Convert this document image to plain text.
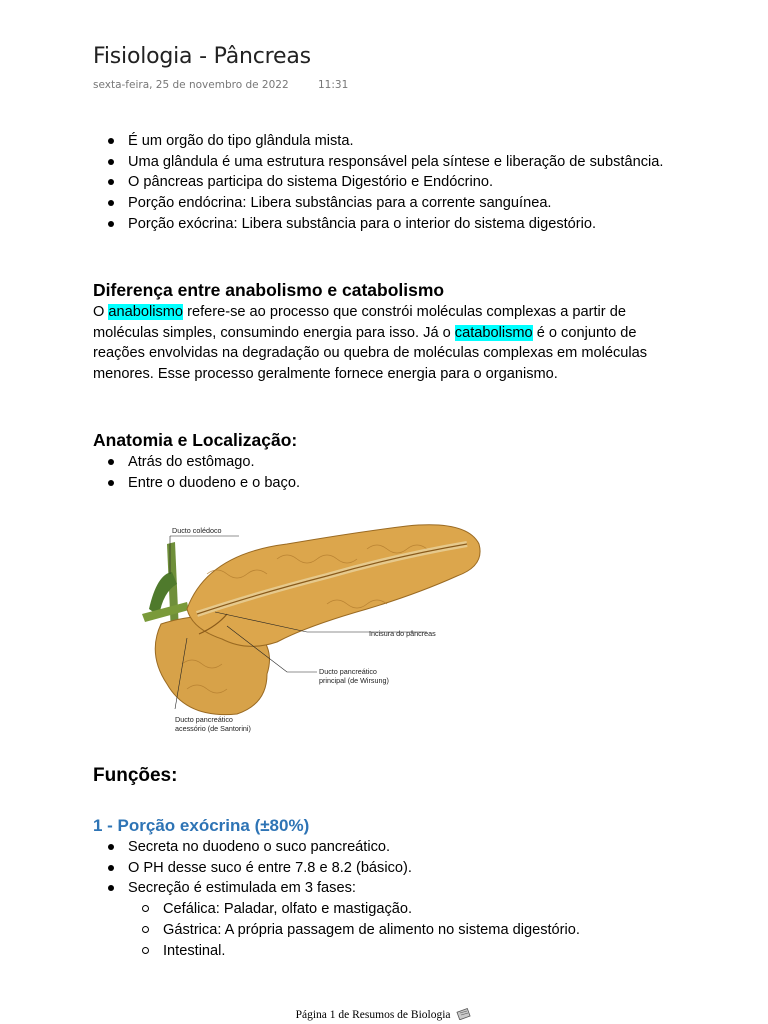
Fisiologia - Pâncreas
sexta-feira, 25 de novembro de 2022	11:31
É um orgão do tipo glândula mista.
Uma glândula é uma estrutura responsável pela síntese e liberação de substância.
O pâncreas participa do sistema Digestório e Endócrino.
Porção endócrina: Libera substâncias para a corrente sanguínea.
Porção exócrina: Libera substância para o interior do sistema digestório.
Diferença entre anabolismo e catabolismo

O anabolismo refere-se ao processo que constrói moléculas complexas a partir de moléculas simples, consumindo energia para isso. Já o catabolismo é o conjunto de reações envolvidas na degradação ou quebra de moléculas complexas em moléculas menores. Esse processo geralmente fornece energia para o organismo.

Anatomia e Localização:
Atrás do estômago.
Entre o duodeno e o baço.
Ducto colédoco
Incisura do pâncreas
Ducto pancreático
principal (de Wirsung)
Ducto pancreático
acessório (de Santorini)
Funções:
1 - Porção exócrina (±80%)
Secreta no duodeno o suco pancreático.
O PH desse suco é entre 7.8 e 8.2 (básico).
Secreção é estimulada em 3 fases:
Cefálica: Paladar, olfato e mastigação.
Gástrica: A própria passagem de alimento no sistema digestório.
Intestinal.
Página 1 de Resumos de Biologia
